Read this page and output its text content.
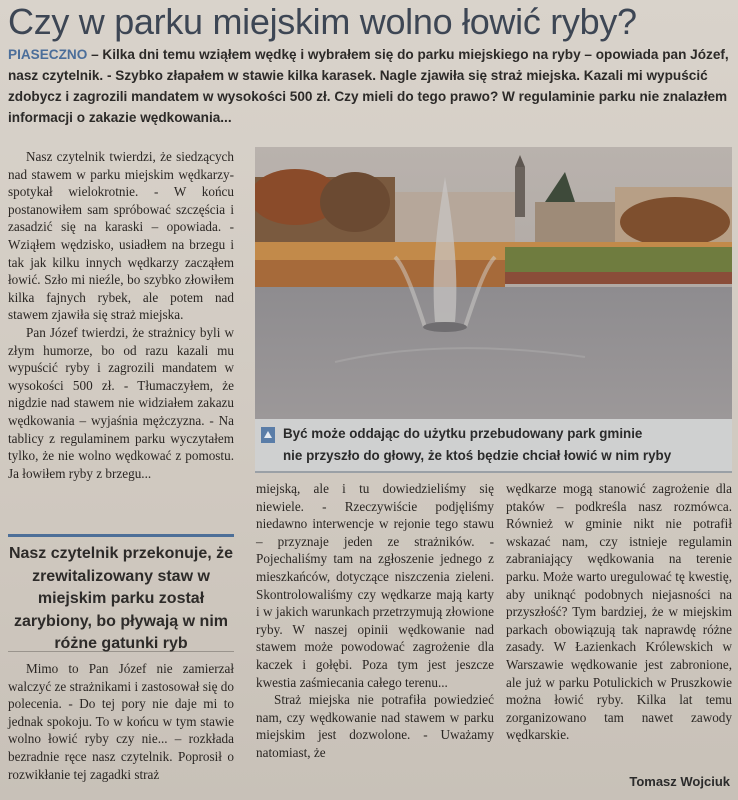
Czy w parku miejskim wolno łowić ryby?
PIASECZNO – Kilka dni temu wziąłem wędkę i wybrałem się do parku miejskiego na ryby – opowiada pan Józef, nasz czytelnik. - Szybko złapałem w stawie kilka karasek. Nagle zjawiła się straż miejska. Kazali mi wypuścić zdobycz i zagrozili mandatem w wysokości 500 zł. Czy mieli do tego prawo? W regulaminie parku nie znalazłem informacji o zakazie wędkowania...

Nasz czytelnik twierdzi, że siedzących nad stawem w parku miejskim wędkarzy- spotykał wielokrotnie. - W końcu postanowiłem sam spróbować szczęścia i zasadzić się na karaski – opowiada. - Wziąłem wędzisko, usiadłem na brzegu i tak jak kilku innych wędkarzy zacząłem łowić. Szło mi nieźle, bo szybko złowiłem kilka fajnych rybek, ale potem nad stawem zjawiła się straż miejska.

Pan Józef twierdzi, że strażnicy byli w złym humorze, bo od razu kazali mu wypuścić ryby i zagrozili mandatem w wysokości 500 zł. - Tłumaczyłem, że nigdzie nad stawem nie widziałem zakazu wędkowania – wyjaśnia mężczyzna. - Na tablicy z regulaminem parku wyczytałem tylko, że nie wolno wędkować z pomostu. Ja łowiłem ryby z brzegu...

Nasz czytelnik przekonuje, że zrewitalizowany staw w miejskim parku został zarybiony, bo pływają w nim różne gatunki ryb

Mimo to Pan Józef nie zamierzał walczyć ze strażnikami i zastosował się do polecenia. - Do tej pory nie daje mi to jednak spokoju. To w końcu w tym stawie wolno łowić ryby czy nie... – rozkłada bezradnie ręce nasz czytelnik. Poprosił o rozwikłanie tej zagadki straż

Być może oddając do użytku przebudowany park gminie
nie przyszło do głowy, że ktoś będzie chciał łowić w nim ryby

miejską, ale i tu dowiedzieliśmy się niewiele. - Rzeczywiście podjęliśmy niedawno interwencje w rejonie tego stawu – przyznaje jeden ze strażników. - Pojechaliśmy tam na zgłoszenie jednego z mieszkańców, dotyczące niszczenia zieleni. Skontrolowaliśmy czy wędkarze mają karty i w jakich warunkach przetrzymują złowione ryby. W naszej opinii wędkowanie nad stawem może powodować zagrożenie dla kaczek i gołębi. Poza tym jest jeszcze kwestia zaśmiecania całego terenu...

Straż miejska nie potrafiła powiedzieć nam, czy wędkowanie nad stawem w parku miejskim jest dozwolone. - Uważamy natomiast, że

wędkarze mogą stanowić zagrożenie dla ptaków – podkreśla nasz rozmówca. Również w gminie nikt nie potrafił wskazać nam, czy istnieje regulamin zabraniający wędkowania na terenie parku. Może warto uregulować tę kwestię, aby uniknąć podobnych niejasności na przyszłość? Tym bardziej, że w miejskim parkach obowiązują tak naprawdę różne zasady. W Łazienkach Królewskich w Warszawie wędkowanie jest zabronione, ale już w parku Potulickich w Pruszkowie można łowić ryby. Kilka lat temu zorganizowano tam nawet zawody wędkarskie.

Tomasz Wojciuk
